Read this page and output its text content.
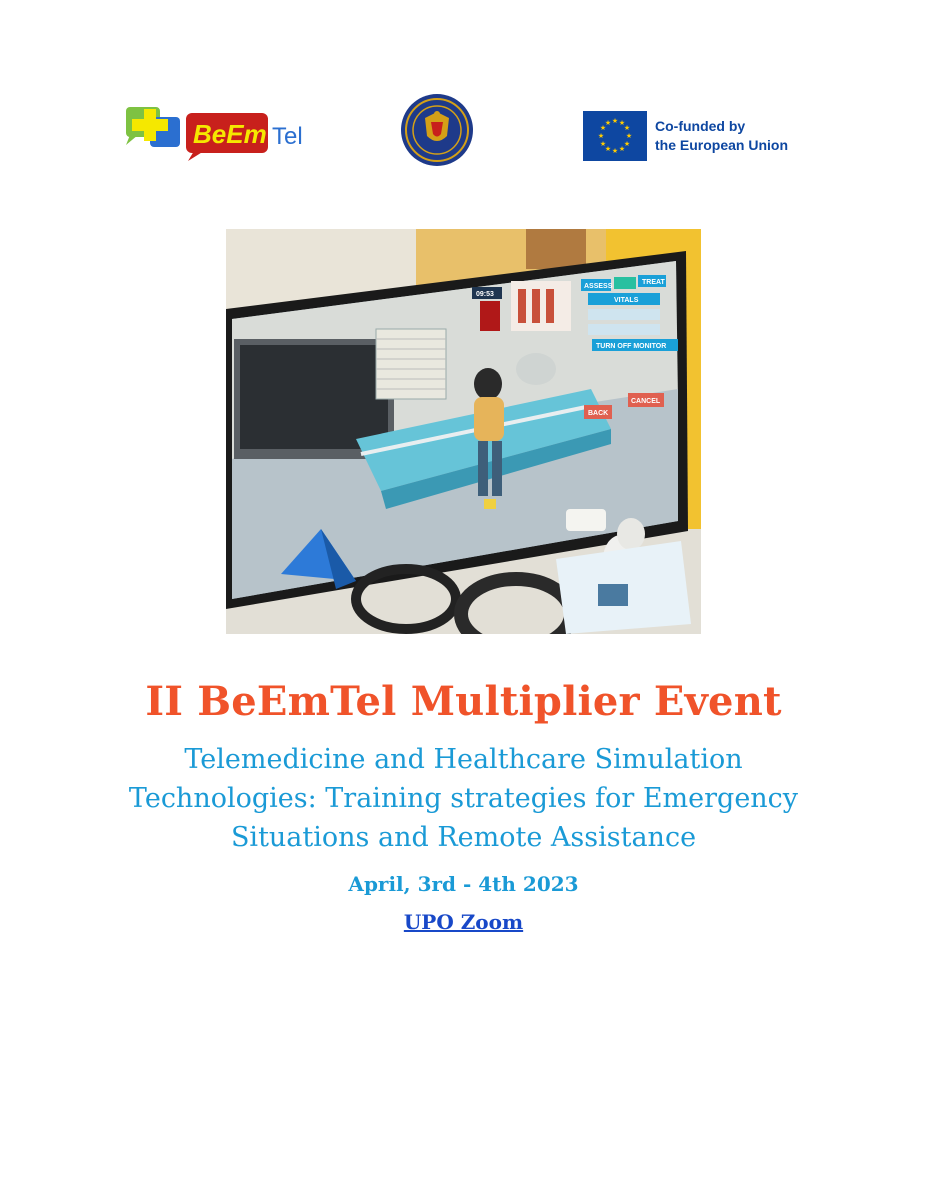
BeEm Tel
★ ★
★
★
★
★
★
★
★
★
★
★	Co-funded by
the European Union
ASSESS
TREAT
VITALS
TURN OFF MONITOR
BACK
CANCEL
09:53
II BeEmTel Multiplier Event
Telemedicine and Healthcare Simulation
Technologies: Training strategies for Emergency
Situations and Remote Assistance
April, 3rd - 4th 2023
UPO Zoom
